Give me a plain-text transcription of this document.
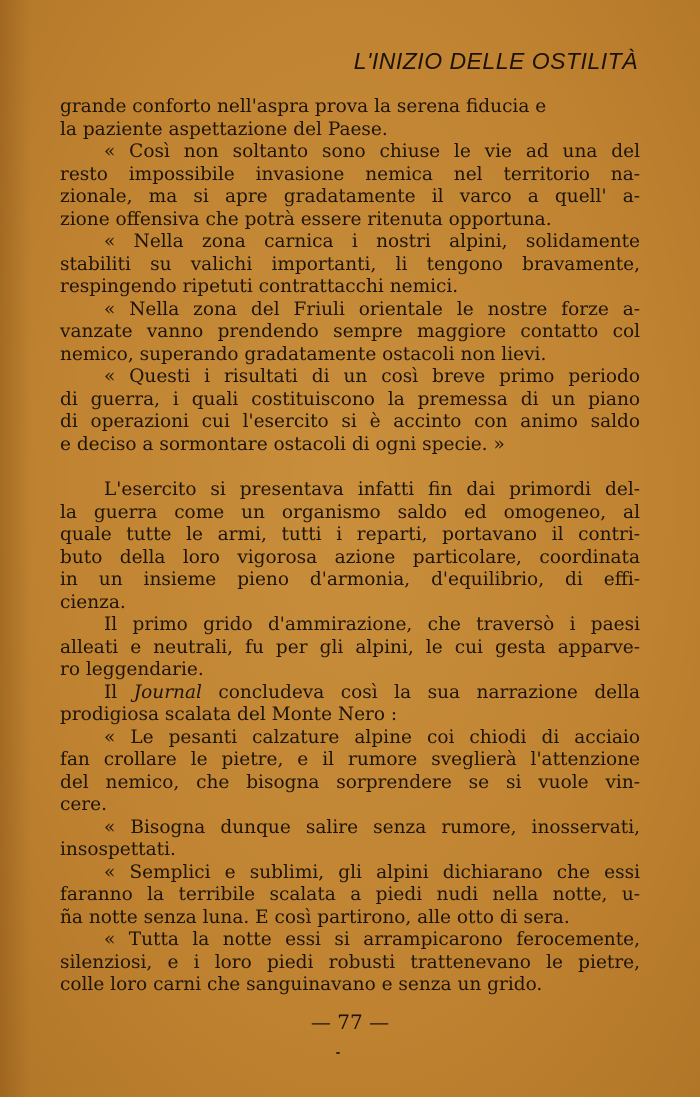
L'INIZIO DELLE OSTILITÀ

grande conforto nell'aspra prova la serena fiducia e
la paziente aspettazione del Paese.
« Così non soltanto sono chiuse le vie ad una del
resto impossibile invasione nemica nel territorio na-
zionale, ma si apre gradatamente il varco a quell' a-
zione offensiva che potrà essere ritenuta opportuna.
« Nella zona carnica i nostri alpini, solidamente
stabiliti su valichi importanti, li tengono bravamente,
respingendo ripetuti contrattacchi nemici.
« Nella zona del Friuli orientale le nostre forze a-
vanzate vanno prendendo sempre maggiore contatto col
nemico, superando gradatamente ostacoli non lievi.
« Questi i risultati di un così breve primo periodo
di guerra, i quali costituiscono la premessa di un piano
di operazioni cui l'esercito si è accinto con animo saldo
e deciso a sormontare ostacoli di ogni specie. »
L'esercito si presentava infatti fin dai primordi del-
la guerra come un organismo saldo ed omogeneo, al
quale tutte le armi, tutti i reparti, portavano il contri-
buto della loro vigorosa azione particolare, coordinata
in un insieme pieno d'armonia, d'equilibrio, di effi-
cienza.
Il primo grido d'ammirazione, che traversò i paesi
alleati e neutrali, fu per gli alpini, le cui gesta apparve-
ro leggendarie.
Il Journal concludeva così la sua narrazione della
prodigiosa scalata del Monte Nero :
« Le pesanti calzature alpine coi chiodi di acciaio
fan crollare le pietre, e il rumore sveglierà l'attenzione
del nemico, che bisogna sorprendere se si vuole vin-
cere.
« Bisogna dunque salire senza rumore, inosservati,
insospettati.
« Semplici e sublimi, gli alpini dichiarano che essi
faranno la terribile scalata a piedi nudi nella notte, u-
ña notte senza luna. E così partirono, alle otto di sera.
« Tutta la notte essi si arrampicarono ferocemente,
silenziosi, e i loro piedi robusti trattenevano le pietre,
colle loro carni che sanguinavano e senza un grido.

— 77 —
